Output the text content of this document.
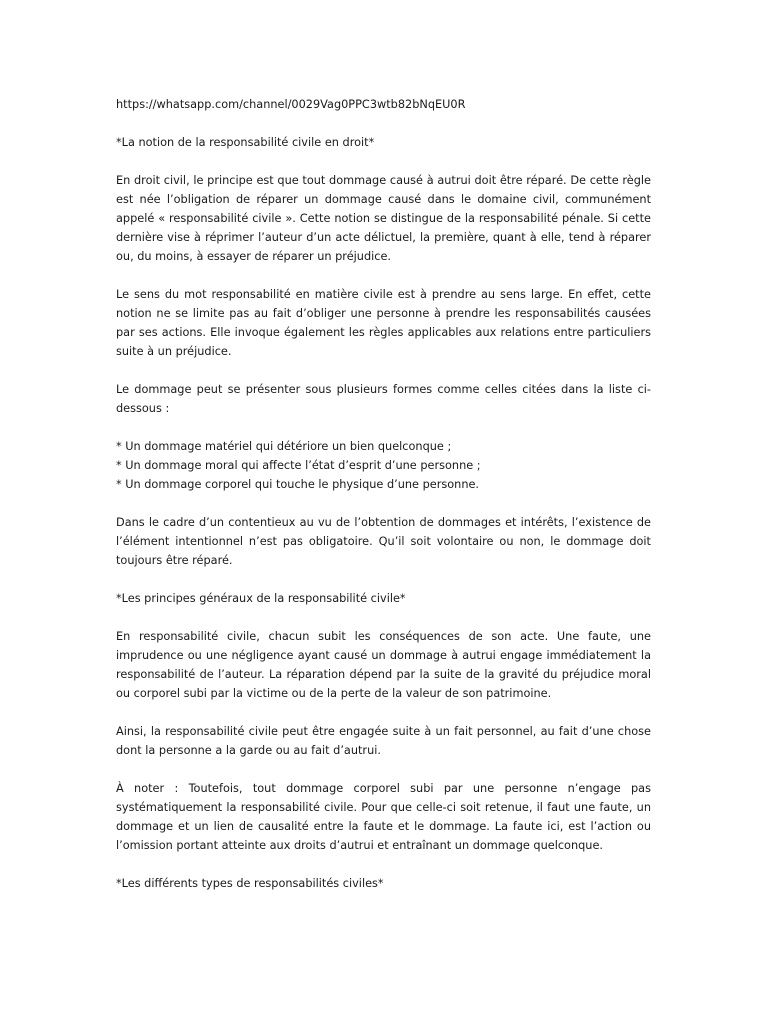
https://whatsapp.com/channel/0029Vag0PPC3wtb82bNqEU0R

*La notion de la responsabilité civile en droit*

En droit civil, le principe est que tout dommage causé à autrui doit être réparé. De cette règle est née l’obligation de réparer un dommage causé dans le domaine civil, communément appelé « responsabilité civile ». Cette notion se distingue de la responsabilité pénale. Si cette dernière vise à réprimer l’auteur d’un acte délictuel, la première, quant à elle, tend à réparer ou, du moins, à essayer de réparer un préjudice.

Le sens du mot responsabilité en matière civile est à prendre au sens large. En effet, cette notion ne se limite pas au fait d’obliger une personne à prendre les responsabilités causées par ses actions. Elle invoque également les règles applicables aux relations entre particuliers suite à un préjudice.

Le dommage peut se présenter sous plusieurs formes comme celles citées dans la liste ci-dessous :

* Un dommage matériel qui détériore un bien quelconque ;
* Un dommage moral qui affecte l’état d’esprit d’une personne ;
* Un dommage corporel qui touche le physique d’une personne.

Dans le cadre d’un contentieux au vu de l’obtention de dommages et intérêts, l’existence de l’élément intentionnel n’est pas obligatoire. Qu’il soit volontaire ou non, le dommage doit toujours être réparé.

*Les principes généraux de la responsabilité civile*

En responsabilité civile, chacun subit les conséquences de son acte. Une faute, une imprudence ou une négligence ayant causé un dommage à autrui engage immédiatement la responsabilité de l’auteur. La réparation dépend par la suite de la gravité du préjudice moral ou corporel subi par la victime ou de la perte de la valeur de son patrimoine.

Ainsi, la responsabilité civile peut être engagée suite à un fait personnel, au fait d’une chose dont la personne a la garde ou au fait d’autrui.

À noter : Toutefois, tout dommage corporel subi par une personne n’engage pas systématiquement la responsabilité civile. Pour que celle-ci soit retenue, il faut une faute, un dommage et un lien de causalité entre la faute et le dommage. La faute ici, est l’action ou l’omission portant atteinte aux droits d’autrui et entraînant un dommage quelconque.

*Les différents types de responsabilités civiles*
